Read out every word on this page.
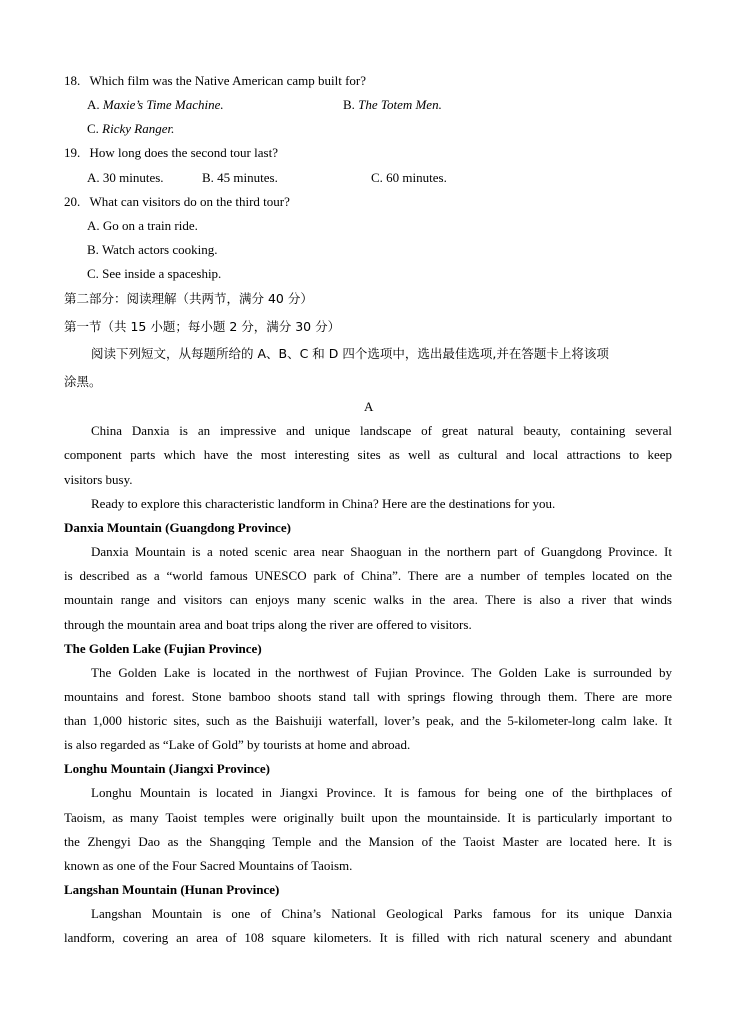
18. Which film was the Native American camp built for?
A. Maxie’s Time Machine.	B. The Totem Men.
C. Ricky Ranger.
19. How long does the second tour last?
A. 30 minutes.	B. 45 minutes.	C. 60 minutes.
20. What can visitors do on the third tour?
A. Go on a train ride.
B. Watch actors cooking.
C. See inside a spaceship.
第二部分：阅读理解（共两节，满分 40 分）
第一节（共 15 小题；每小题 2 分，满分 30 分）
阅读下列短文，从每题所给的 A、B、C 和 D 四个选项中，选出最佳选项,并在答题卡上将该项
涂黑。
A
China Danxia is an impressive and unique landscape of great natural beauty, containing several
component parts which have the most interesting sites as well as cultural and local attractions to keep
visitors busy.
Ready to explore this characteristic landform in China? Here are the destinations for you.
Danxia Mountain (Guangdong Province)
Danxia Mountain is a noted scenic area near Shaoguan in the northern part of Guangdong Province. It
is described as a “world famous UNESCO park of China”. There are a number of temples located on the
mountain range and visitors can enjoys many scenic walks in the area. There is also a river that winds
through the mountain area and boat trips along the river are offered to visitors.
The Golden Lake (Fujian Province)
The Golden Lake is located in the northwest of Fujian Province. The Golden Lake is surrounded by
mountains and forest. Stone bamboo shoots stand tall with springs flowing through them. There are more
than 1,000 historic sites, such as the Baishuiji waterfall, lover’s peak, and the 5-kilometer-long calm lake. It
is also regarded as “Lake of Gold” by tourists at home and abroad.
Longhu Mountain (Jiangxi Province)
Longhu Mountain is located in Jiangxi Province. It is famous for being one of the birthplaces of
Taoism, as many Taoist temples were originally built upon the mountainside. It is particularly important to
the Zhengyi Dao as the Shangqing Temple and the Mansion of the Taoist Master are located here. It is
known as one of the Four Sacred Mountains of Taoism.
Langshan Mountain (Hunan Province)
Langshan Mountain is one of China’s National Geological Parks famous for its unique Danxia
landform, covering an area of 108 square kilometers. It is filled with rich natural scenery and abundant
